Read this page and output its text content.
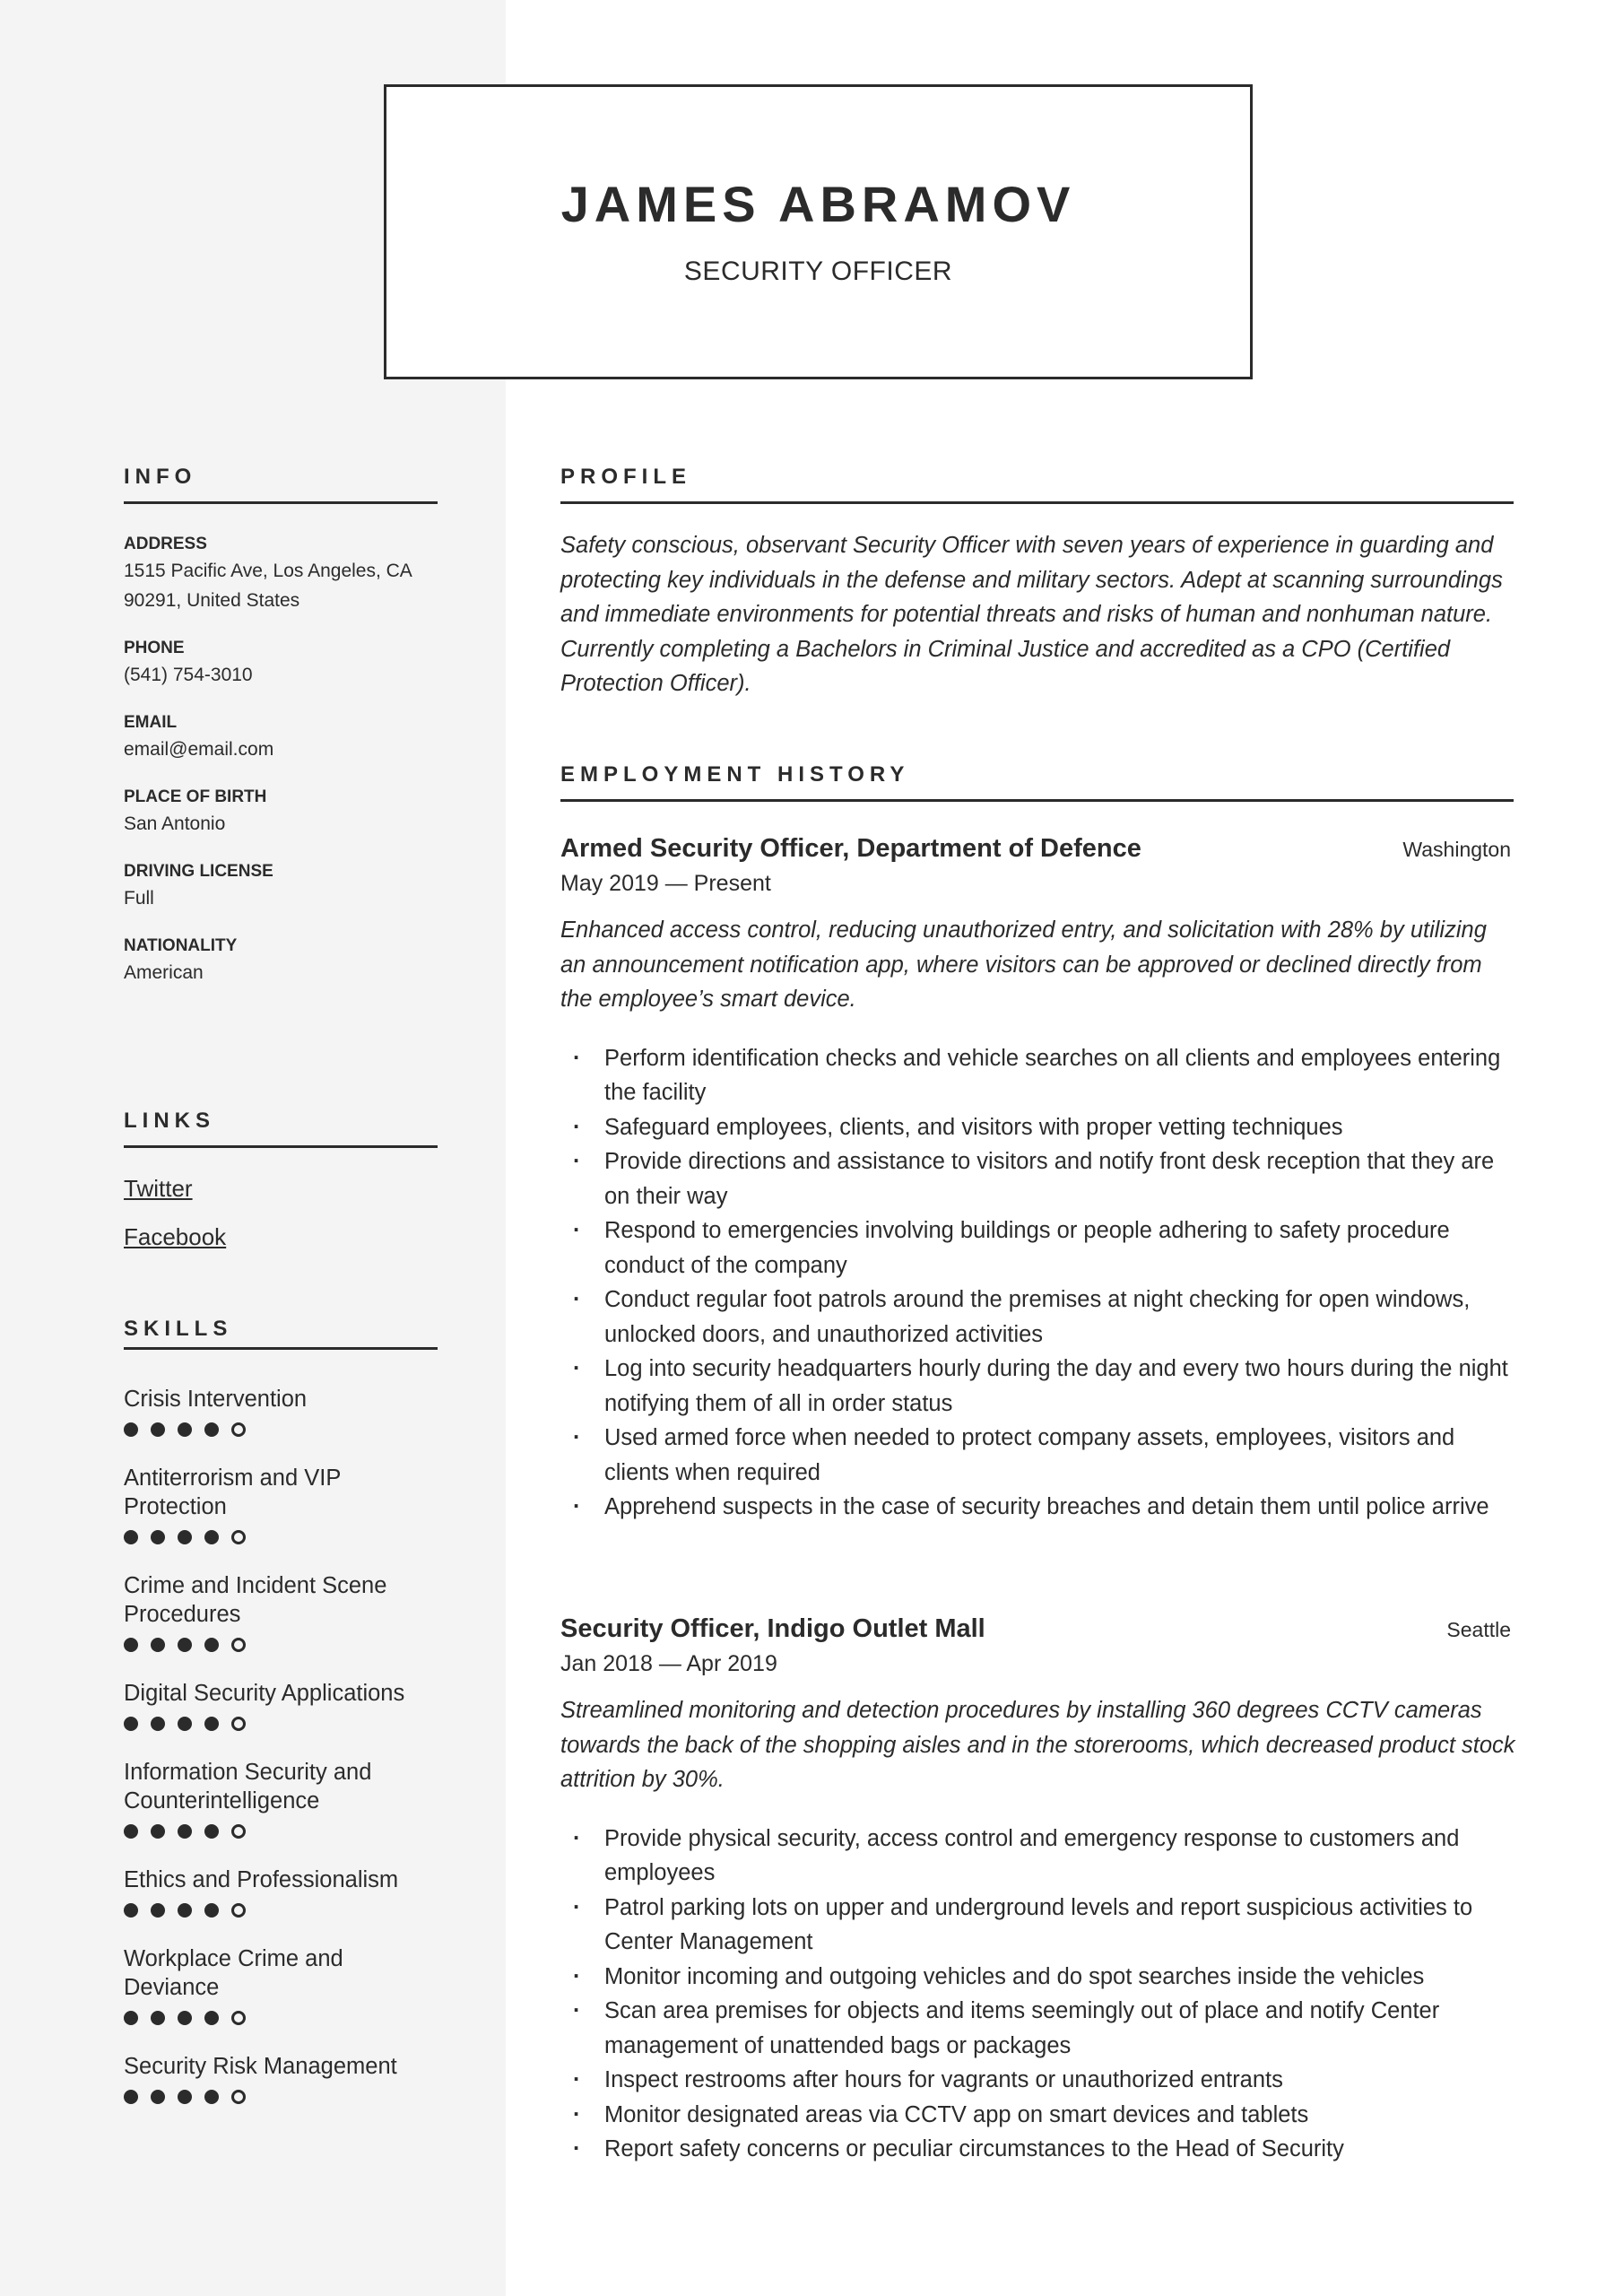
JAMES ABRAMOV
SECURITY OFFICER
INFO
ADDRESS
1515 Pacific Ave, Los Angeles, CA 90291, United States
PHONE
(541) 754-3010
EMAIL
email@email.com
PLACE OF BIRTH
San Antonio
DRIVING LICENSE
Full
NATIONALITY
American
LINKS
Twitter
Facebook
SKILLS
Crisis Intervention
Antiterrorism and VIP Protection
Crime and Incident Scene Procedures
Digital Security Applications
Information Security and Counterintelligence
Ethics and Professionalism
Workplace Crime and Deviance
Security Risk Management
PROFILE
Safety conscious, observant Security Officer with seven years of experience in guarding and protecting key individuals in the defense and military sectors. Adept at scanning surroundings and immediate environments for potential threats and risks of human and nonhuman nature. Currently completing a Bachelors in Criminal Justice and accredited as a CPO (Certified Protection Officer).
EMPLOYMENT HISTORY
Armed Security Officer, Department of Defence	Washington
May 2019 — Present
Enhanced access control, reducing unauthorized entry, and solicitation with 28% by utilizing an announcement notification app, where visitors can be approved or declined directly from the employee’s smart device.
· Perform identification checks and vehicle searches on all clients and employees entering the facility
· Safeguard employees, clients, and visitors with proper vetting techniques
· Provide directions and assistance to visitors and notify front desk reception that they are on their way
· Respond to emergencies involving buildings or people adhering to safety procedure conduct of the company
· Conduct regular foot patrols around the premises at night checking for open windows, unlocked doors, and unauthorized activities
· Log into security headquarters hourly during the day and every two hours during the night notifying them of all in order status
· Used armed force when needed to protect company assets, employees, visitors and clients when required
· Apprehend suspects in the case of security breaches and detain them until police arrive
Security Officer, Indigo Outlet Mall	Seattle
Jan 2018 — Apr 2019
Streamlined monitoring and detection procedures by installing 360 degrees CCTV cameras towards the back of the shopping aisles and in the storerooms, which decreased product stock attrition by 30%.
· Provide physical security, access control and emergency response to customers and employees
· Patrol parking lots on upper and underground levels and report suspicious activities to Center Management
· Monitor incoming and outgoing vehicles and do spot searches inside the vehicles
· Scan area premises for objects and items seemingly out of place and notify Center management of unattended bags or packages
· Inspect restrooms after hours for vagrants or unauthorized entrants
· Monitor designated areas via CCTV app on smart devices and tablets
· Report safety concerns or peculiar circumstances to the Head of Security
